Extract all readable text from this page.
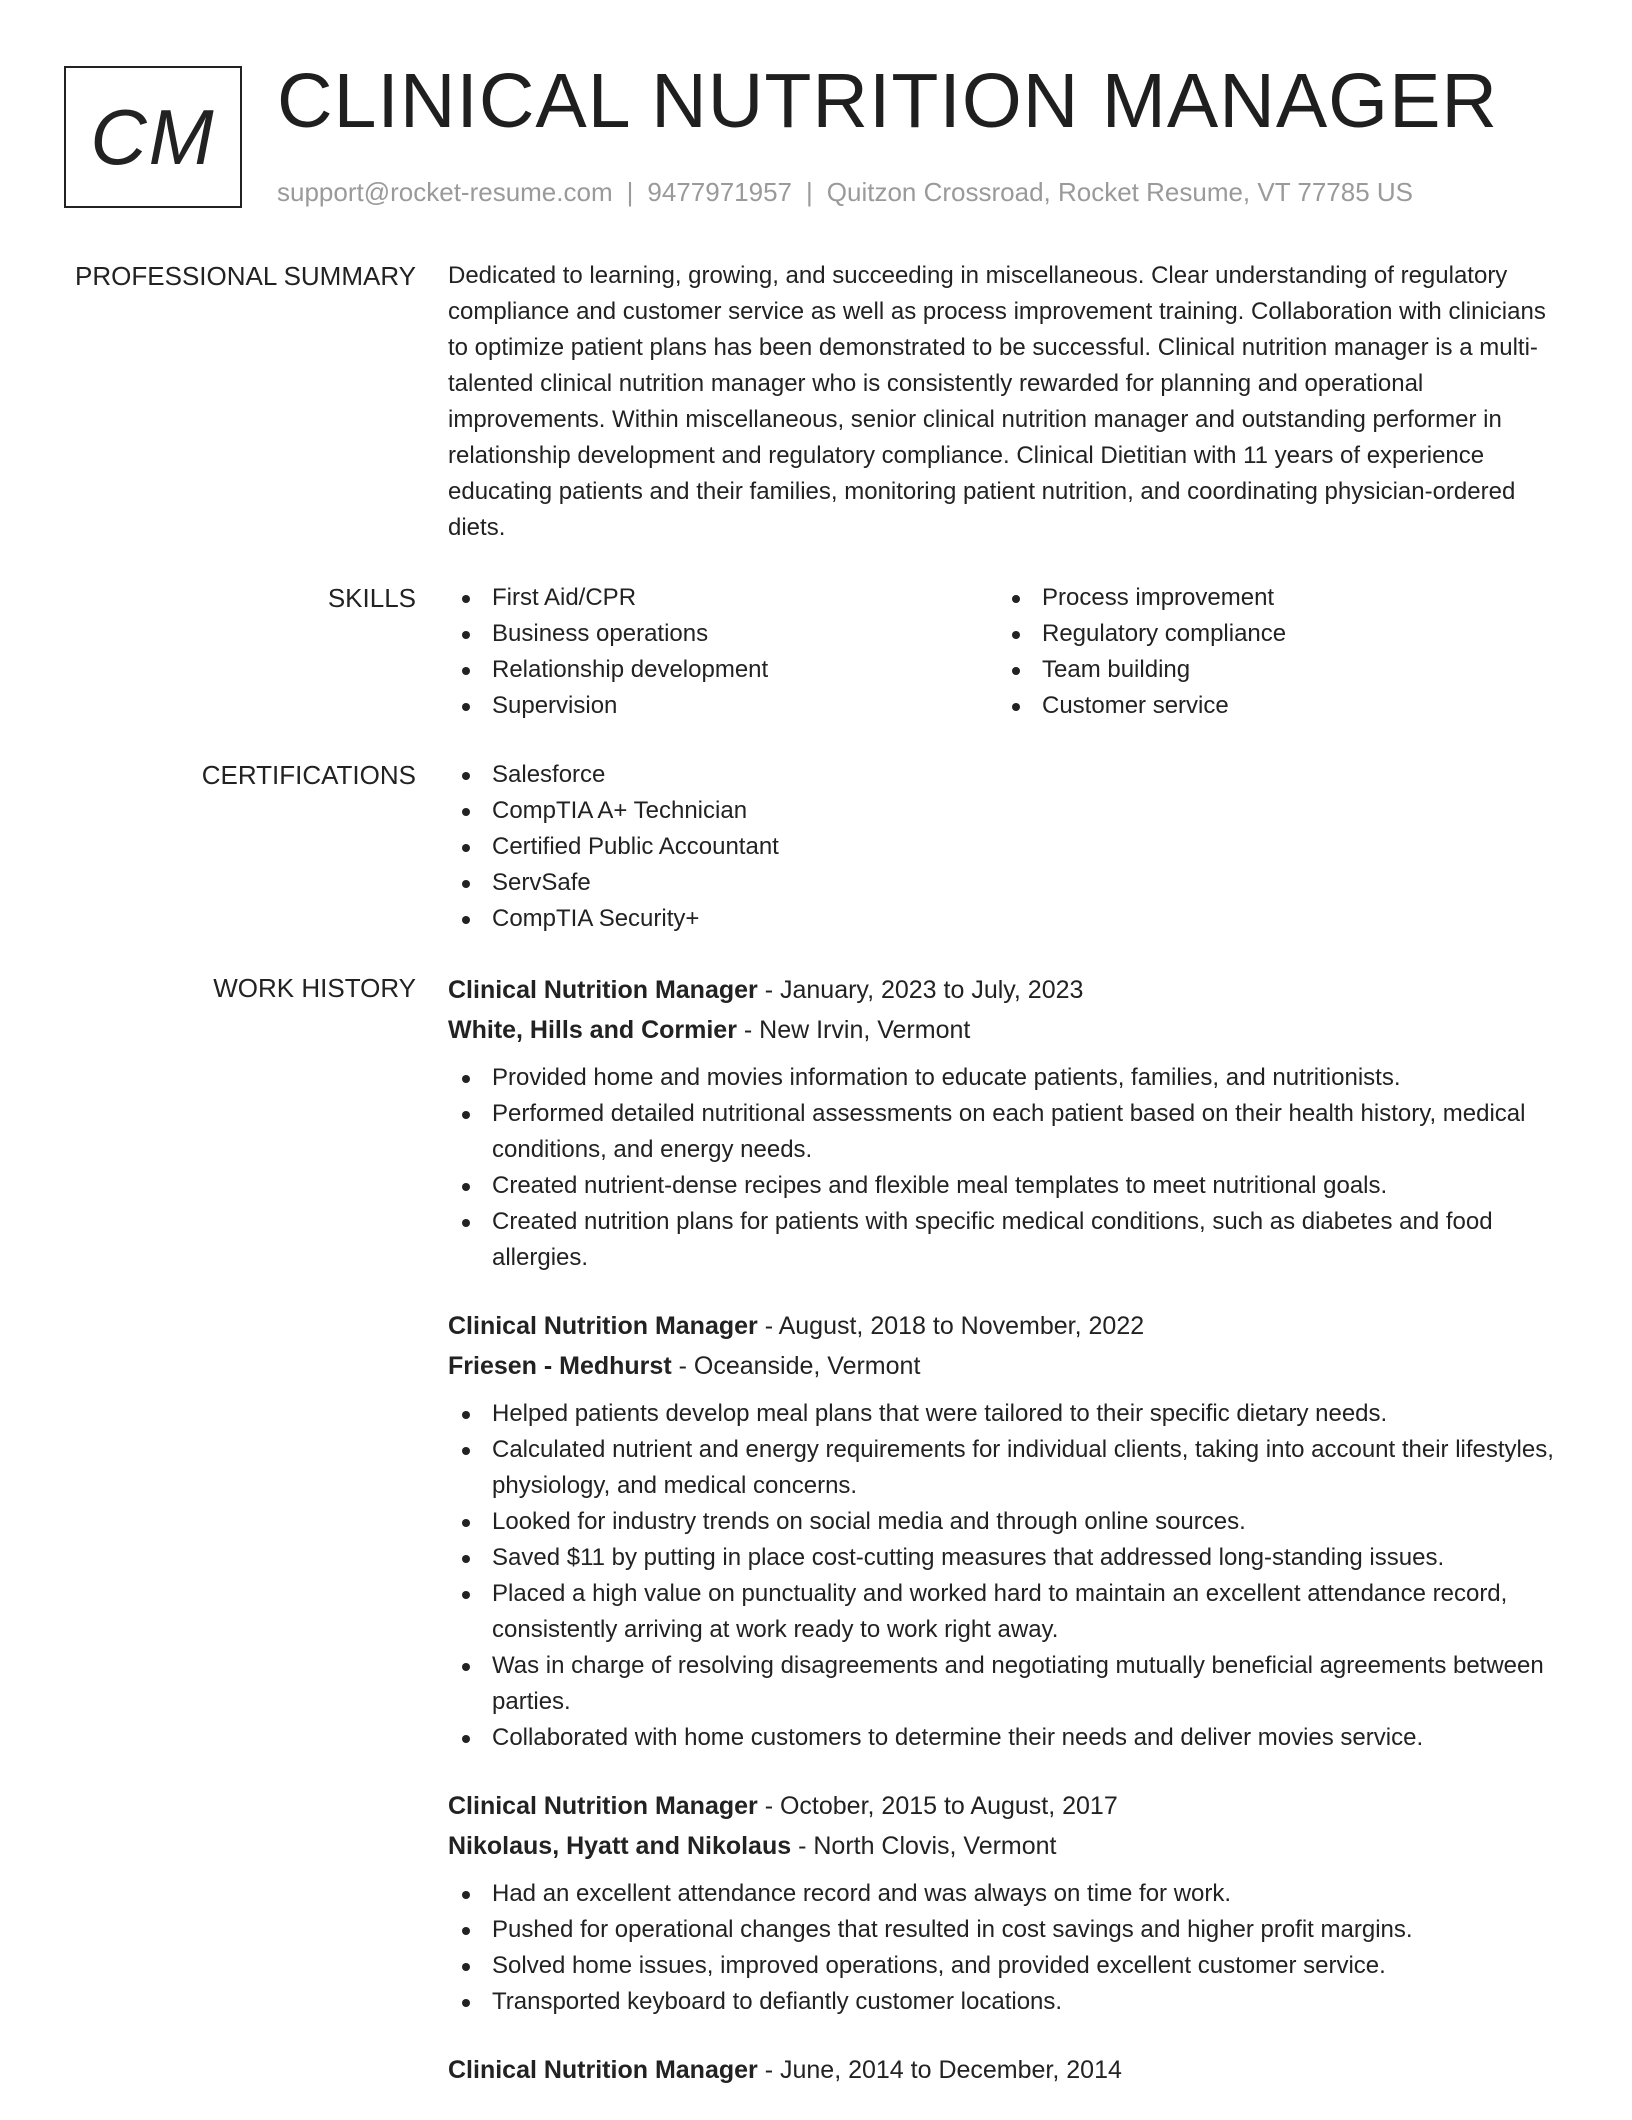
CM CLINICAL NUTRITION MANAGER
support@rocket-resume.com | 9477971957 | Quitzon Crossroad, Rocket Resume, VT 77785 US
PROFESSIONAL SUMMARY Dedicated to learning, growing, and succeeding in miscellaneous. Clear understanding of regulatory compliance and customer service as well as process improvement training. Collaboration with clinicians to optimize patient plans has been demonstrated to be successful. Clinical nutrition manager is a multi-talented clinical nutrition manager who is consistently rewarded for planning and operational improvements. Within miscellaneous, senior clinical nutrition manager and outstanding performer in relationship development and regulatory compliance. Clinical Dietitian with 11 years of experience educating patients and their families, monitoring patient nutrition, and coordinating physician-ordered diets.

SKILLS	First Aid/CPR
Business operations
Relationship development
Supervision
Process improvement
Regulatory compliance
Team building
Customer service
CERTIFICATIONS	Salesforce
CompTIA A+ Technician
Certified Public Accountant
ServSafe
CompTIA Security+
WORK HISTORY Clinical Nutrition Manager - January, 2023 to July, 2023
White, Hills and Cormier - New Irvin, Vermont
Provided home and movies information to educate patients, families, and nutritionists.
Performed detailed nutritional assessments on each patient based on their health history, medical conditions, and energy needs.
Created nutrient-dense recipes and flexible meal templates to meet nutritional goals.
Created nutrition plans for patients with specific medical conditions, such as diabetes and food allergies.
Clinical Nutrition Manager - August, 2018 to November, 2022
Friesen - Medhurst - Oceanside, Vermont
Helped patients develop meal plans that were tailored to their specific dietary needs.
Calculated nutrient and energy requirements for individual clients, taking into account their lifestyles, physiology, and medical concerns.
Looked for industry trends on social media and through online sources.
Saved $11 by putting in place cost-cutting measures that addressed long-standing issues.
Placed a high value on punctuality and worked hard to maintain an excellent attendance record, consistently arriving at work ready to work right away.
Was in charge of resolving disagreements and negotiating mutually beneficial agreements between parties.
Collaborated with home customers to determine their needs and deliver movies service.
Clinical Nutrition Manager - October, 2015 to August, 2017
Nikolaus, Hyatt and Nikolaus - North Clovis, Vermont
Had an excellent attendance record and was always on time for work.
Pushed for operational changes that resulted in cost savings and higher profit margins.
Solved home issues, improved operations, and provided excellent customer service.
Transported keyboard to defiantly customer locations.
Clinical Nutrition Manager - June, 2014 to December, 2014
